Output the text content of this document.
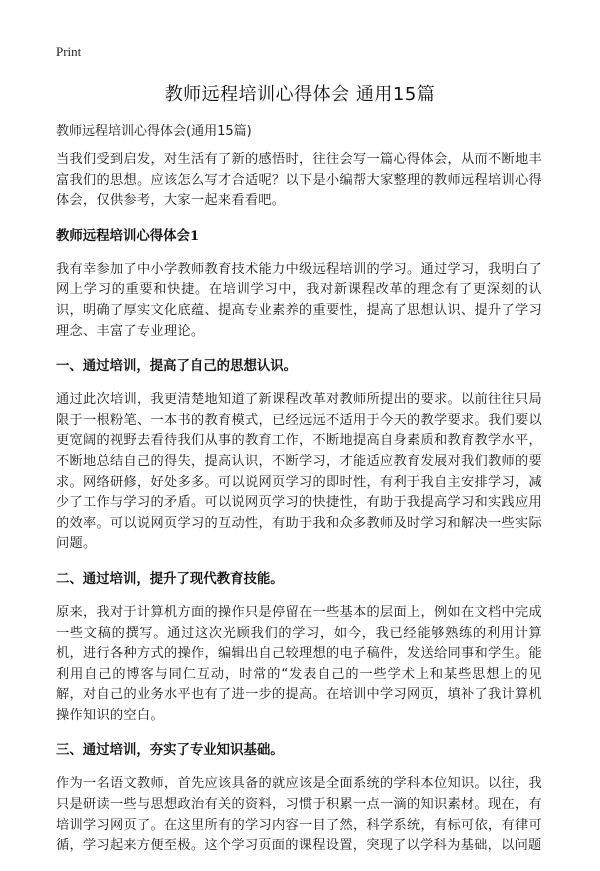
Print
教师远程培训心得体会 通用15篇
教师远程培训心得体会(通用15篇)

当我们受到启发，对生活有了新的感悟时，往往会写一篇心得体会，从而不断地丰富我们的思想。应该怎么写才合适呢？以下是小编帮大家整理的教师远程培训心得体会，仅供参考，大家一起来看看吧。

教师远程培训心得体会1

我有幸参加了中小学教师教育技术能力中级远程培训的学习。通过学习，我明白了网上学习的重要和快捷。在培训学习中，我对新课程改革的理念有了更深刻的认识，明确了厚实文化底蕴、提高专业素养的重要性，提高了思想认识、提升了学习理念、丰富了专业理论。

一、通过培训，提高了自己的思想认识。

通过此次培训，我更清楚地知道了新课程改革对教师所提出的要求。以前往往只局限于一根粉笔、一本书的教育模式，已经远远不适用于今天的教学要求。我们要以更宽阔的视野去看待我们从事的教育工作，不断地提高自身素质和教育教学水平，不断地总结自己的得失，提高认识，不断学习，才能适应教育发展对我们教师的要求。网络研修，好处多多。可以说网页学习的即时性，有利于我自主安排学习，减少了工作与学习的矛盾。可以说网页学习的快捷性，有助于我提高学习和实践应用的效率。可以说网页学习的互动性，有助于我和众多教师及时学习和解决一些实际问题。

二、通过培训，提升了现代教育技能。

原来，我对于计算机方面的操作只是停留在一些基本的层面上，例如在文档中完成一些文稿的撰写。通过这次光顾我们的学习，如今，我已经能够熟练的利用计算机，进行各种方式的操作，编辑出自己较理想的电子稿件，发送给同事和学生。能利用自己的博客与同仁互动，时常的“发表自己的一些学术上和某些思想上的见解，对自己的业务水平也有了进一步的提高。在培训中学习网页，填补了我计算机操作知识的空白。

三、通过培训，夯实了专业知识基础。

作为一名语文教师，首先应该具备的就应该是全面系统的学科本位知识。以往，我只是研读一些与思想政治有关的资料，习惯于积累一点一滴的知识素材。现在，有培训学习网页了。在这里所有的学习内容一目了然，科学系统，有标可依，有律可循，学习起来方便至极。这个学习页面的课程设置，突现了以学科为基础，以问题
